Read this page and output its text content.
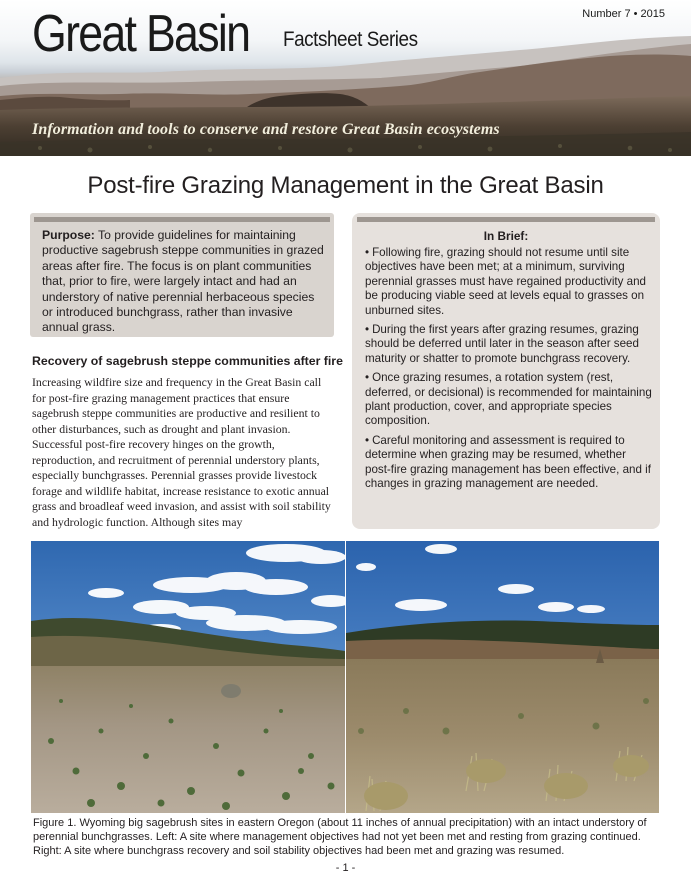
Great Basin Factsheet Series
Number 7 • 2015
Information and tools to conserve and restore Great Basin ecosystems
Post-fire Grazing Management in the Great Basin

Purpose: To provide guidelines for maintaining productive sagebrush steppe communities in grazed areas after fire. The focus is on plant communities that, prior to fire, were largely intact and had an understory of native perennial herbaceous species or introduced bunchgrass, rather than invasive annual grass.

Recovery of sagebrush steppe communities after fire

Increasing wildfire size and frequency in the Great Basin call for post-fire grazing management practices that ensure sagebrush steppe communities are productive and resilient to other disturbances, such as drought and plant invasion. Successful post-fire recovery hinges on the growth, reproduction, and recruitment of perennial understory plants, especially bunchgrasses. Perennial grasses provide livestock forage and wildlife habitat, increase resistance to exotic annual grass and broadleaf weed invasion, and assist with soil stability and hydrologic function. Although sites may

In Brief:
• Following fire, grazing should not resume until site objectives have been met; at a minimum, surviving perennial grasses must have regained productivity and be producing viable seed at levels equal to grasses on unburned sites.
• During the first years after grazing resumes, grazing should be deferred until later in the season after seed maturity or shatter to promote bunchgrass recovery.
• Once grazing resumes, a rotation system (rest, deferred, or decisional) is recommended for maintaining plant production, cover, and appropriate species composition.
• Careful monitoring and assessment is required to determine when grazing may be resumed, whether post-fire grazing management has been effective, and if changes in grazing management are needed.

Figure 1. Wyoming big sagebrush sites in eastern Oregon (about 11 inches of annual precipitation) with an intact understory of perennial bunchgrasses. Left: A site where management objectives had not yet been met and resting from grazing continued. Right: A site where bunchgrass recovery and soil stability objectives had been met and grazing was resumed.

- 1 -
